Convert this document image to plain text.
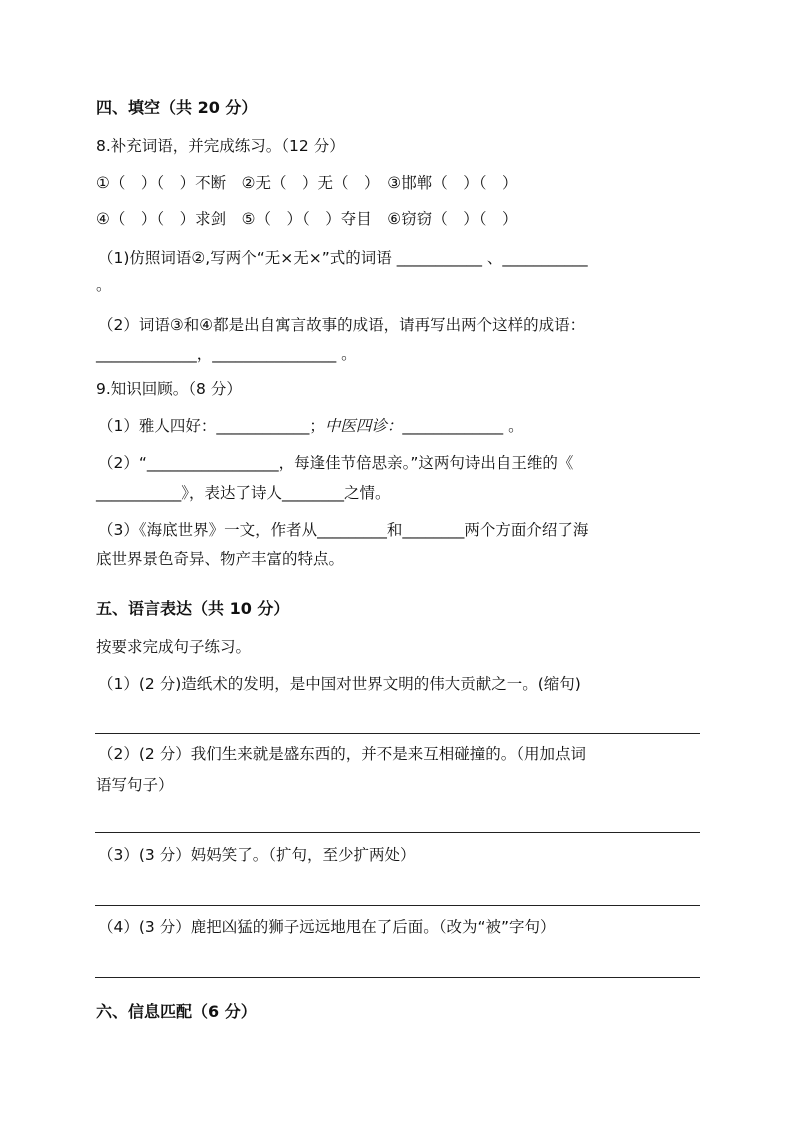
四、填空（共 20 分）
8.补充词语，并完成练习。（12 分）
①（　）（　）不断　②无（　）无（　）　③邯郸（　）（　）
④（　）（　）求剑　⑤（　）（　）夺目　⑥窃窃（　）（　）
（1)仿照词语②,写两个“无×无×”式的词语 ___________ 、___________
。
（2）词语③和④都是出自寓言故事的成语，请再写出两个这样的成语：
_____________，________________ 。
9.知识回顾。（8 分）
（1）雅人四好：____________；中医四诊：_____________ 。
（2）“_________________，每逢佳节倍思亲。”这两句诗出自王维的《
___________》，表达了诗人________之情。
（3）《海底世界》一文，作者从_________和________两个方面介绍了海
底世界景色奇异、物产丰富的特点。
五、语言表达（共 10 分）
按要求完成句子练习。
（1）(2 分)造纸术的发明，是中国对世界文明的伟大贡献之一。(缩句)
（2）(2 分）我们生来就是盛东西的，并不是来互相碰撞的。（用加点词
语写句子）
（3）(3 分）妈妈笑了。（扩句，至少扩两处）
（4）(3 分）鹿把凶猛的狮子远远地甩在了后面。（改为“被”字句）
六、信息匹配（6 分）
